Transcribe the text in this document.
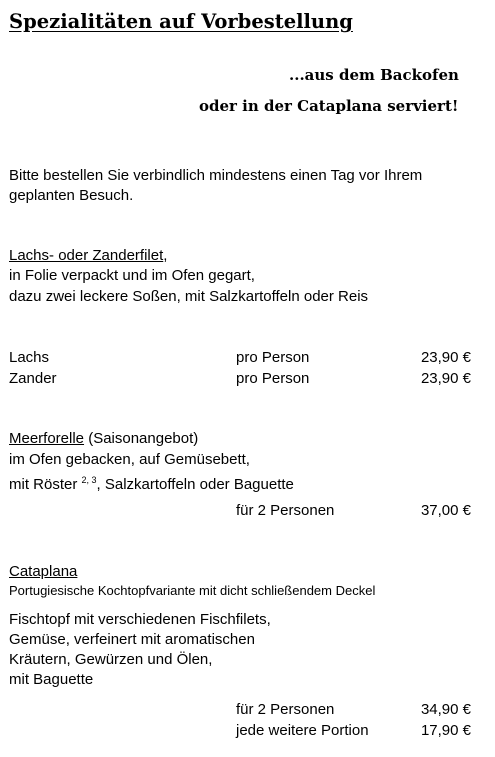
Spezialitäten auf Vorbestellung
...aus dem Backofen
oder in der Cataplana serviert!
Bitte bestellen Sie verbindlich mindestens einen Tag vor Ihrem
geplanten Besuch.
Lachs- oder Zanderfilet,
in Folie verpackt und im Ofen gegart,
dazu zwei leckere Soßen, mit Salzkartoffeln oder Reis
Lachs	pro Person	23,90 €
Zander	pro Person	23,90 €
Meerforelle (Saisonangebot)
im Ofen gebacken, auf Gemüsebett,
mit Röster $^{2, 3}$, Salzkartoffeln oder Baguette
für 2 Personen	37,00 €
Cataplana
Portugiesische Kochtopfvariante mit dicht schließendem Deckel
Fischtopf mit verschiedenen Fischfilets,
Gemüse, verfeinert mit aromatischen
Kräutern, Gewürzen und Ölen,
mit Baguette
für 2 Personen	34,90 €
jede weitere Portion	17,90 €
